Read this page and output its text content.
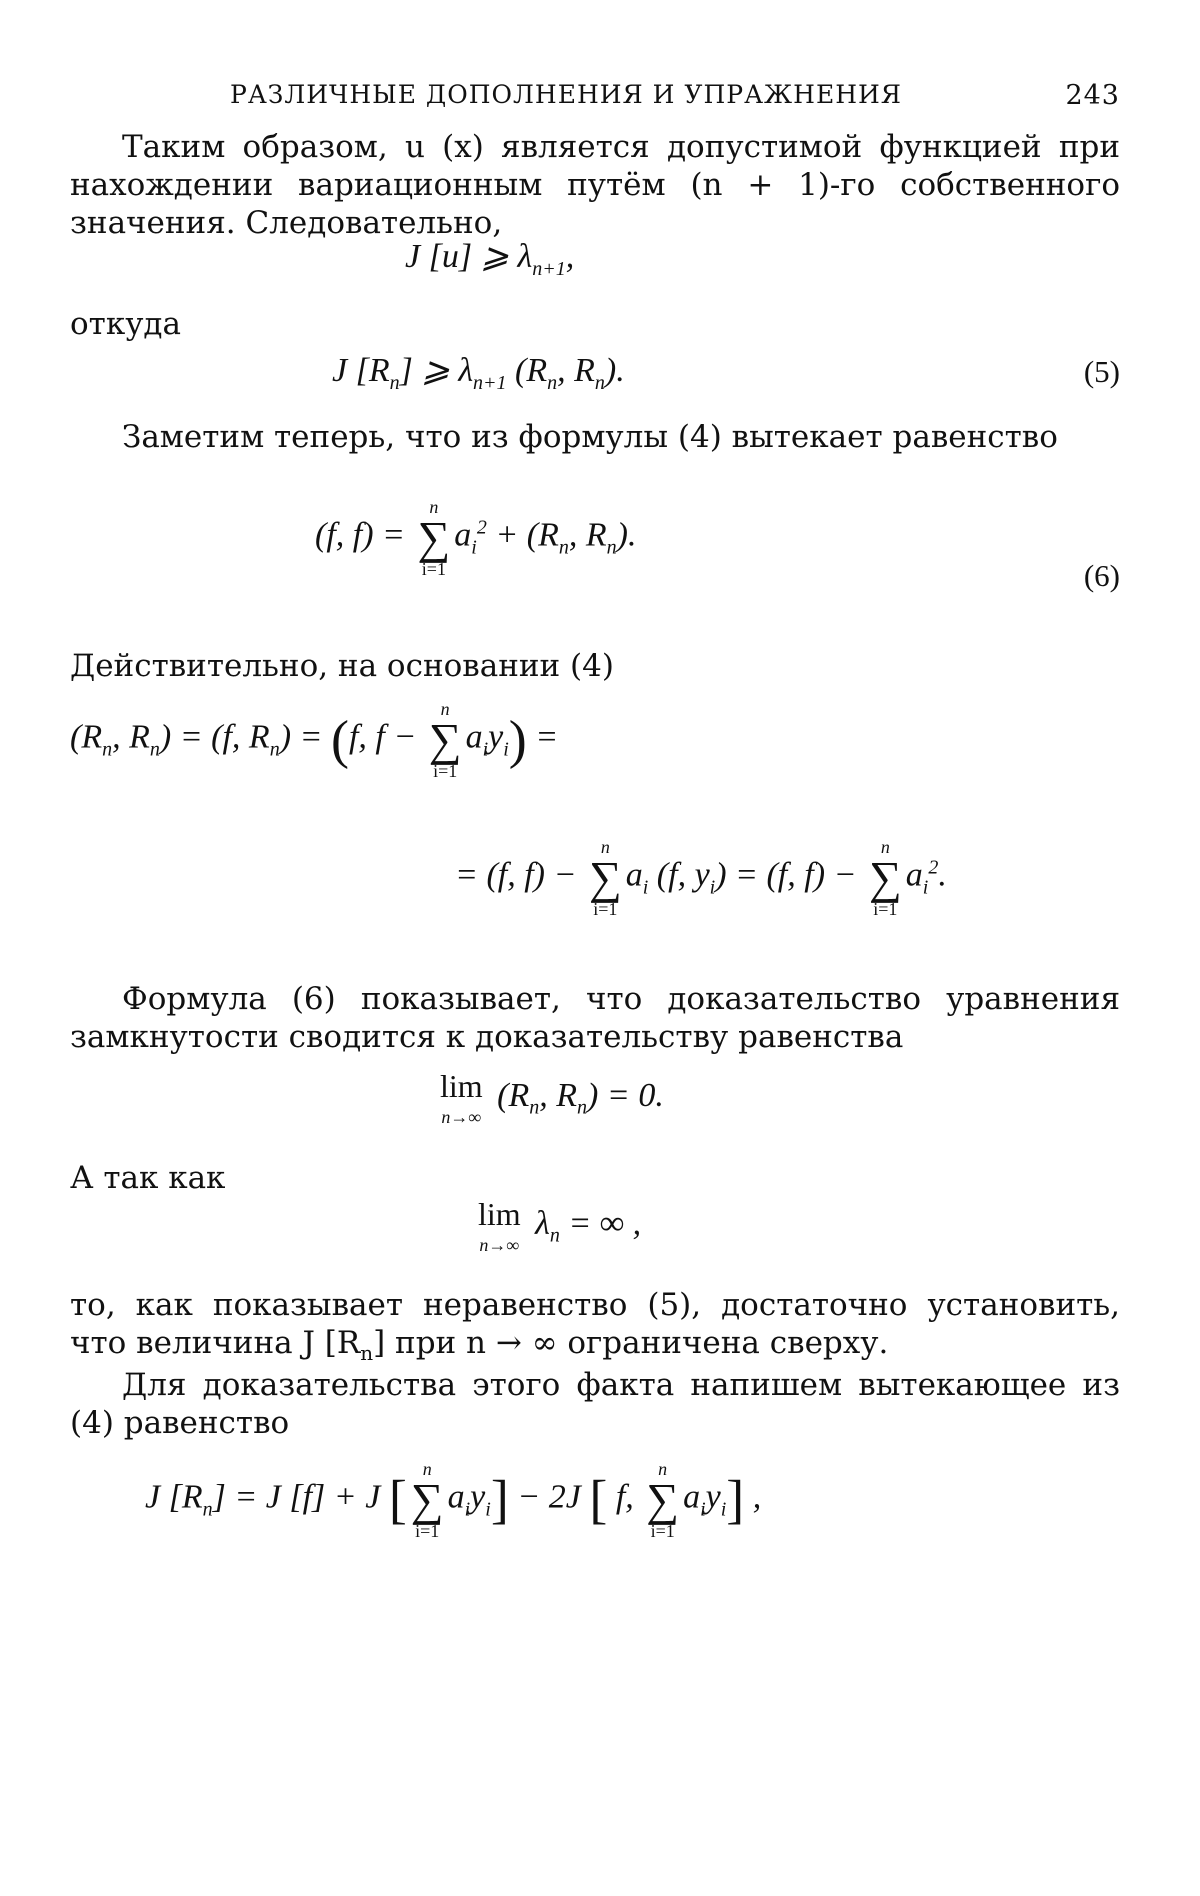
РАЗЛИЧНЫЕ ДОПОЛНЕНИЯ И УПРАЖНЕНИЯ	243
Таким образом, u (x) является допустимой функцией при нахождении вариационным путём (n + 1)-го собственного значения. Следовательно,
J [u] ⩾ $\lambda_{n+1}$,
откуда
J $[R_n]$ ⩾ $\lambda_{n+1}$ ($R_n$, $R_n$).	(5)
Заметим теперь, что из формулы (4) вытекает равенство
(f, f) =
n
∑
i=1
$a_i^2 + (R_n$, $R_n$).
(6)
Действительно, на основании (4)
($R_n$, $R_n) = (f$, $R_n) = (f$, f −
n
∑
i=1
$a_iy_i$) =
= (f, f) −
n
∑
i=1
$a_i$ (f, $y_i) = (f$, f) −
n
∑
i=1
$a_i^2$.
Формула (6) показывает, что доказательство уравнения замкнутости сводится к доказательству равенства
lim
n→∞
($R_n$, $R_n) = 0$.
А так как
lim
n→∞
$\lambda_n$ = ∞ ,
то, как показывает неравенство (5), достаточно установить, что величина J $[R_n]$ при n → ∞ ограничена сверху.
Для доказательства этого факта напишем вытекающее из (4) равенство
J $[R_n] = J$ [f] + J [
n
∑
i=1
$a_iy_i] - 2J$ [ f,
n
∑
i=1
$a_iy_i$] ,
